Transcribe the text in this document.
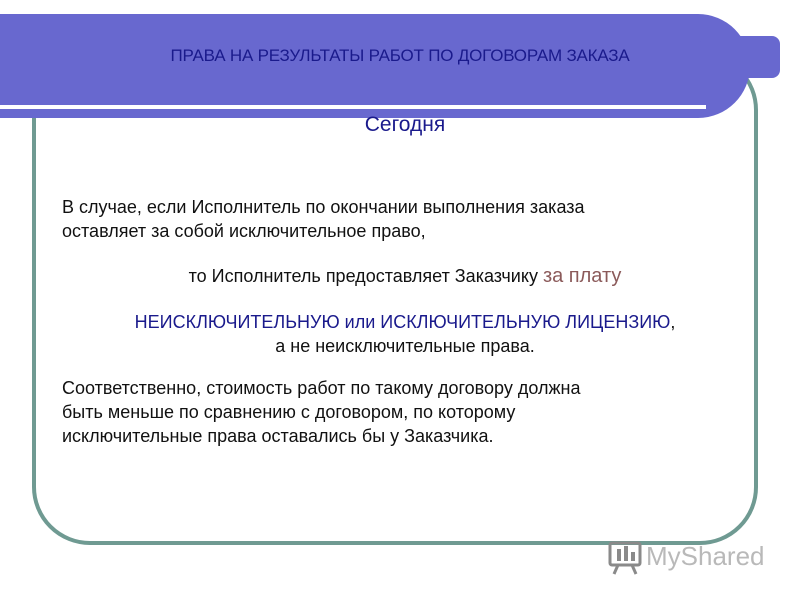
ПРАВА НА РЕЗУЛЬТАТЫ РАБОТ ПО ДОГОВОРАМ ЗАКАЗА
Сегодня
В случае, если Исполнитель по окончании выполнения заказа
оставляет за собой исключительное право,
то Исполнитель предоставляет Заказчику за плату
НЕИСКЛЮЧИТЕЛЬНУЮ или ИСКЛЮЧИТЕЛЬНУЮ ЛИЦЕНЗИЮ,
а не неисключительные права.
Соответственно, стоимость работ по такому договору должна
быть меньше по сравнению с договором, по которому
исключительные права оставались бы у Заказчика.
MyShared
